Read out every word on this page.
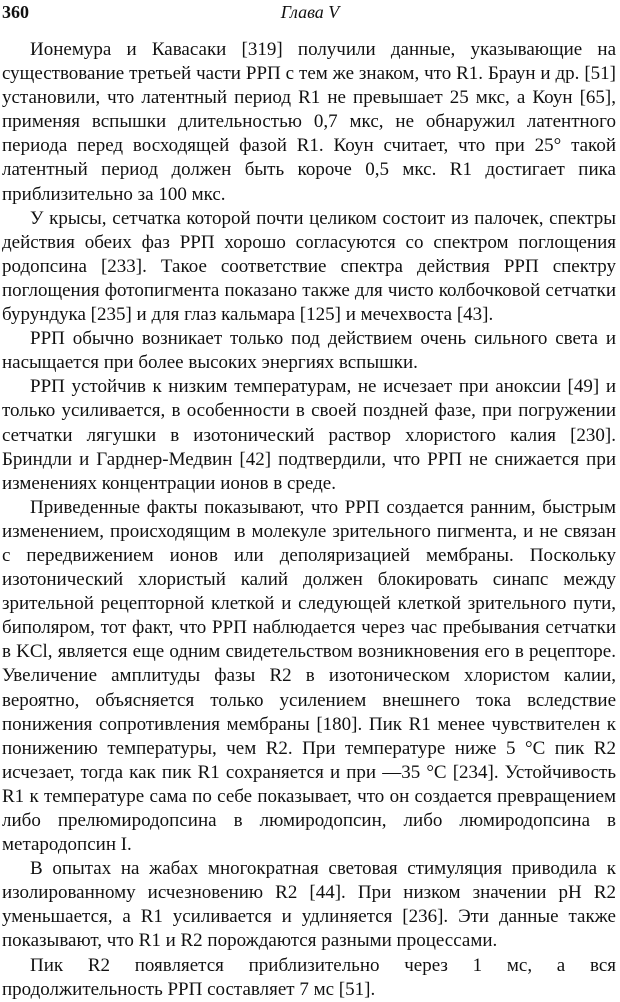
360	Глава V

Ионемура и Кавасаки [319] получили данные, указывающие на существование третьей части РРП с тем же знаком, что R1. Браун и др. [51] установили, что латентный период R1 не превышает 25 мкс, а Коун [65], применяя вспышки длительностью 0,7 мкс, не обнаружил латентного периода перед восходящей фазой R1. Коун считает, что при 25° такой латентный период должен быть короче 0,5 мкс. R1 достигает пика приблизительно за 100 мкс.

У крысы, сетчатка которой почти целиком состоит из палочек, спектры действия обеих фаз РРП хорошо согласуются со спектром поглощения родопсина [233]. Такое соответствие спектра действия РРП спектру поглощения фотопигмента показано также для чисто колбочковой сетчатки бурундука [235] и для глаз кальмара [125] и мечехвоста [43].

РРП обычно возникает только под действием очень сильного света и насыщается при более высоких энергиях вспышки.

РРП устойчив к низким температурам, не исчезает при аноксии [49] и только усиливается, в особенности в своей поздней фазе, при погружении сетчатки лягушки в изотонический раствор хлористого калия [230]. Бриндли и Гарднер-Медвин [42] подтвердили, что РРП не снижается при изменениях концентрации ионов в среде.

Приведенные факты показывают, что РРП создается ранним, быстрым изменением, происходящим в молекуле зрительного пигмента, и не связан с передвижением ионов или деполяризацией мембраны. Поскольку изотонический хлористый калий должен блокировать синапс между зрительной рецепторной клеткой и следующей клеткой зрительного пути, биполяром, тот факт, что РРП наблюдается через час пребывания сетчатки в KCl, является еще одним свидетельством возникновения его в рецепторе. Увеличение амплитуды фазы R2 в изотоническом хлористом калии, вероятно, объясняется только усилением внешнего тока вследствие понижения сопротивления мембраны [180]. Пик R1 менее чувствителен к понижению температуры, чем R2. При температуре ниже 5 °C пик R2 исчезает, тогда как пик R1 сохраняется и при —35 °C [234]. Устойчивость R1 к температуре сама по себе показывает, что он создается превращением либо прелюмиродопсина в люмиродопсин, либо люмиродопсина в метародопсин I.

В опытах на жабах многократная световая стимуляция приводила к изолированному исчезновению R2 [44]. При низком значении pH R2 уменьшается, а R1 усиливается и удлиняется [236]. Эти данные также показывают, что R1 и R2 порождаются разными процессами.

Пик R2 появляется приблизительно через 1 мс, а вся продолжительность РРП составляет 7 мс [51].
